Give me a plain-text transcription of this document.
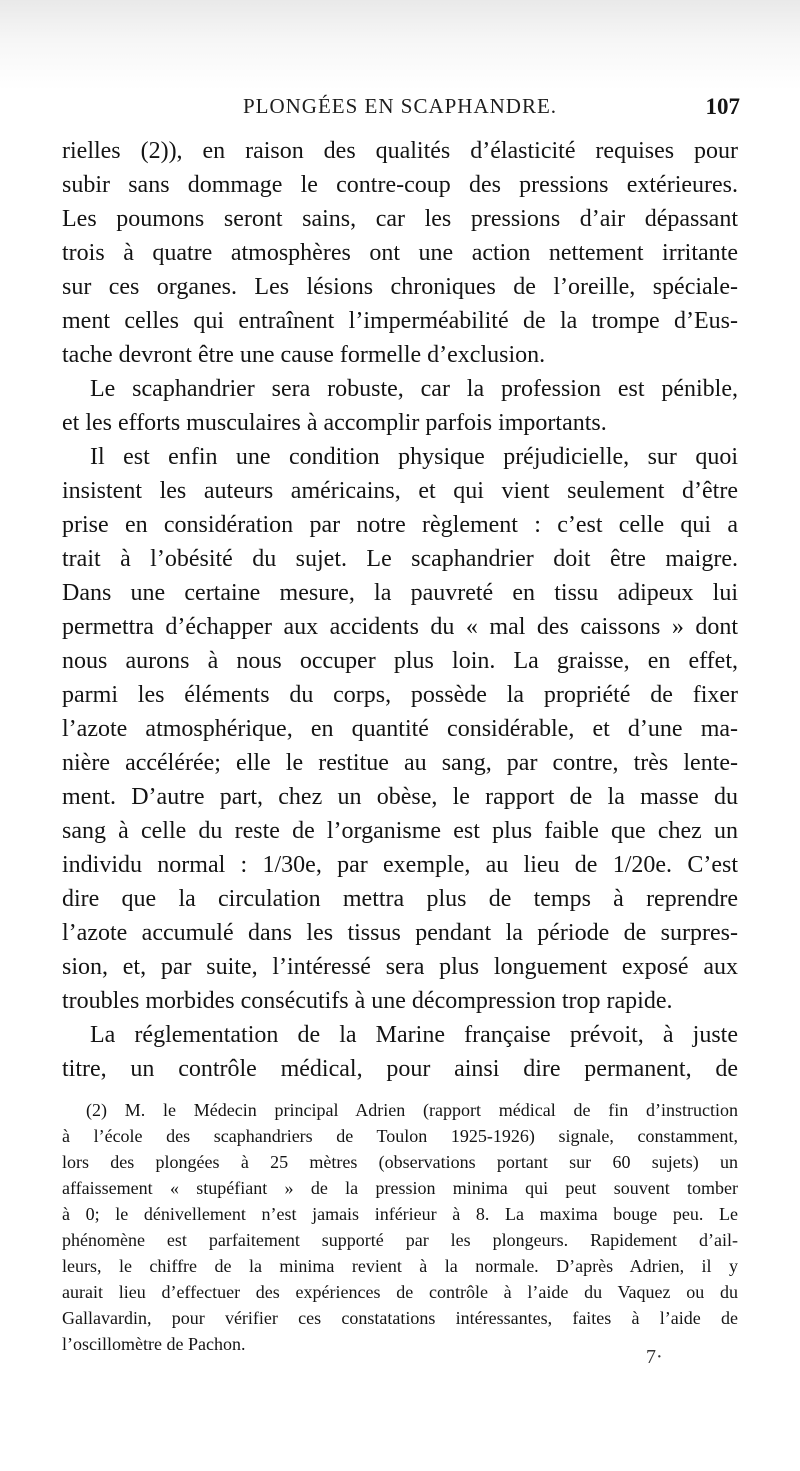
PLONGÉES EN SCAPHANDRE.	107
rielles (2)), en raison des qualités d’élasticité requises pour
subir sans dommage le contre-coup des pressions extérieures.
Les poumons seront sains, car les pressions d’air dépassant
trois à quatre atmosphères ont une action nettement irritante
sur ces organes. Les lésions chroniques de l’oreille, spéciale-
ment celles qui entraînent l’imperméabilité de la trompe d’Eus-
tache devront être une cause formelle d’exclusion.
Le scaphandrier sera robuste, car la profession est pénible,
et les efforts musculaires à accomplir parfois importants.
Il est enfin une condition physique préjudicielle, sur quoi
insistent les auteurs américains, et qui vient seulement d’être
prise en considération par notre règlement : c’est celle qui a
trait à l’obésité du sujet. Le scaphandrier doit être maigre.
Dans une certaine mesure, la pauvreté en tissu adipeux lui
permettra d’échapper aux accidents du « mal des caissons » dont
nous aurons à nous occuper plus loin. La graisse, en effet,
parmi les éléments du corps, possède la propriété de fixer
l’azote atmosphérique, en quantité considérable, et d’une ma-
nière accélérée; elle le restitue au sang, par contre, très lente-
ment. D’autre part, chez un obèse, le rapport de la masse du
sang à celle du reste de l’organisme est plus faible que chez un
individu normal : 1/30e, par exemple, au lieu de 1/20e. C’est
dire que la circulation mettra plus de temps à reprendre
l’azote accumulé dans les tissus pendant la période de surpres-
sion, et, par suite, l’intéressé sera plus longuement exposé aux
troubles morbides consécutifs à une décompression trop rapide.
La réglementation de la Marine française prévoit, à juste
titre, un contrôle médical, pour ainsi dire permanent, de
(2) M. le Médecin principal Adrien (rapport médical de fin d’instruction
à l’école des scaphandriers de Toulon 1925-1926) signale, constamment,
lors des plongées à 25 mètres (observations portant sur 60 sujets) un
affaissement « stupéfiant » de la pression minima qui peut souvent tomber
à 0; le dénivellement n’est jamais inférieur à 8. La maxima bouge peu. Le
phénomène est parfaitement supporté par les plongeurs. Rapidement d’ail-
leurs, le chiffre de la minima revient à la normale. D’après Adrien, il y
aurait lieu d’effectuer des expériences de contrôle à l’aide du Vaquez ou du
Gallavardin, pour vérifier ces constatations intéressantes, faites à l’aide de
l’oscillomètre de Pachon.
7·
